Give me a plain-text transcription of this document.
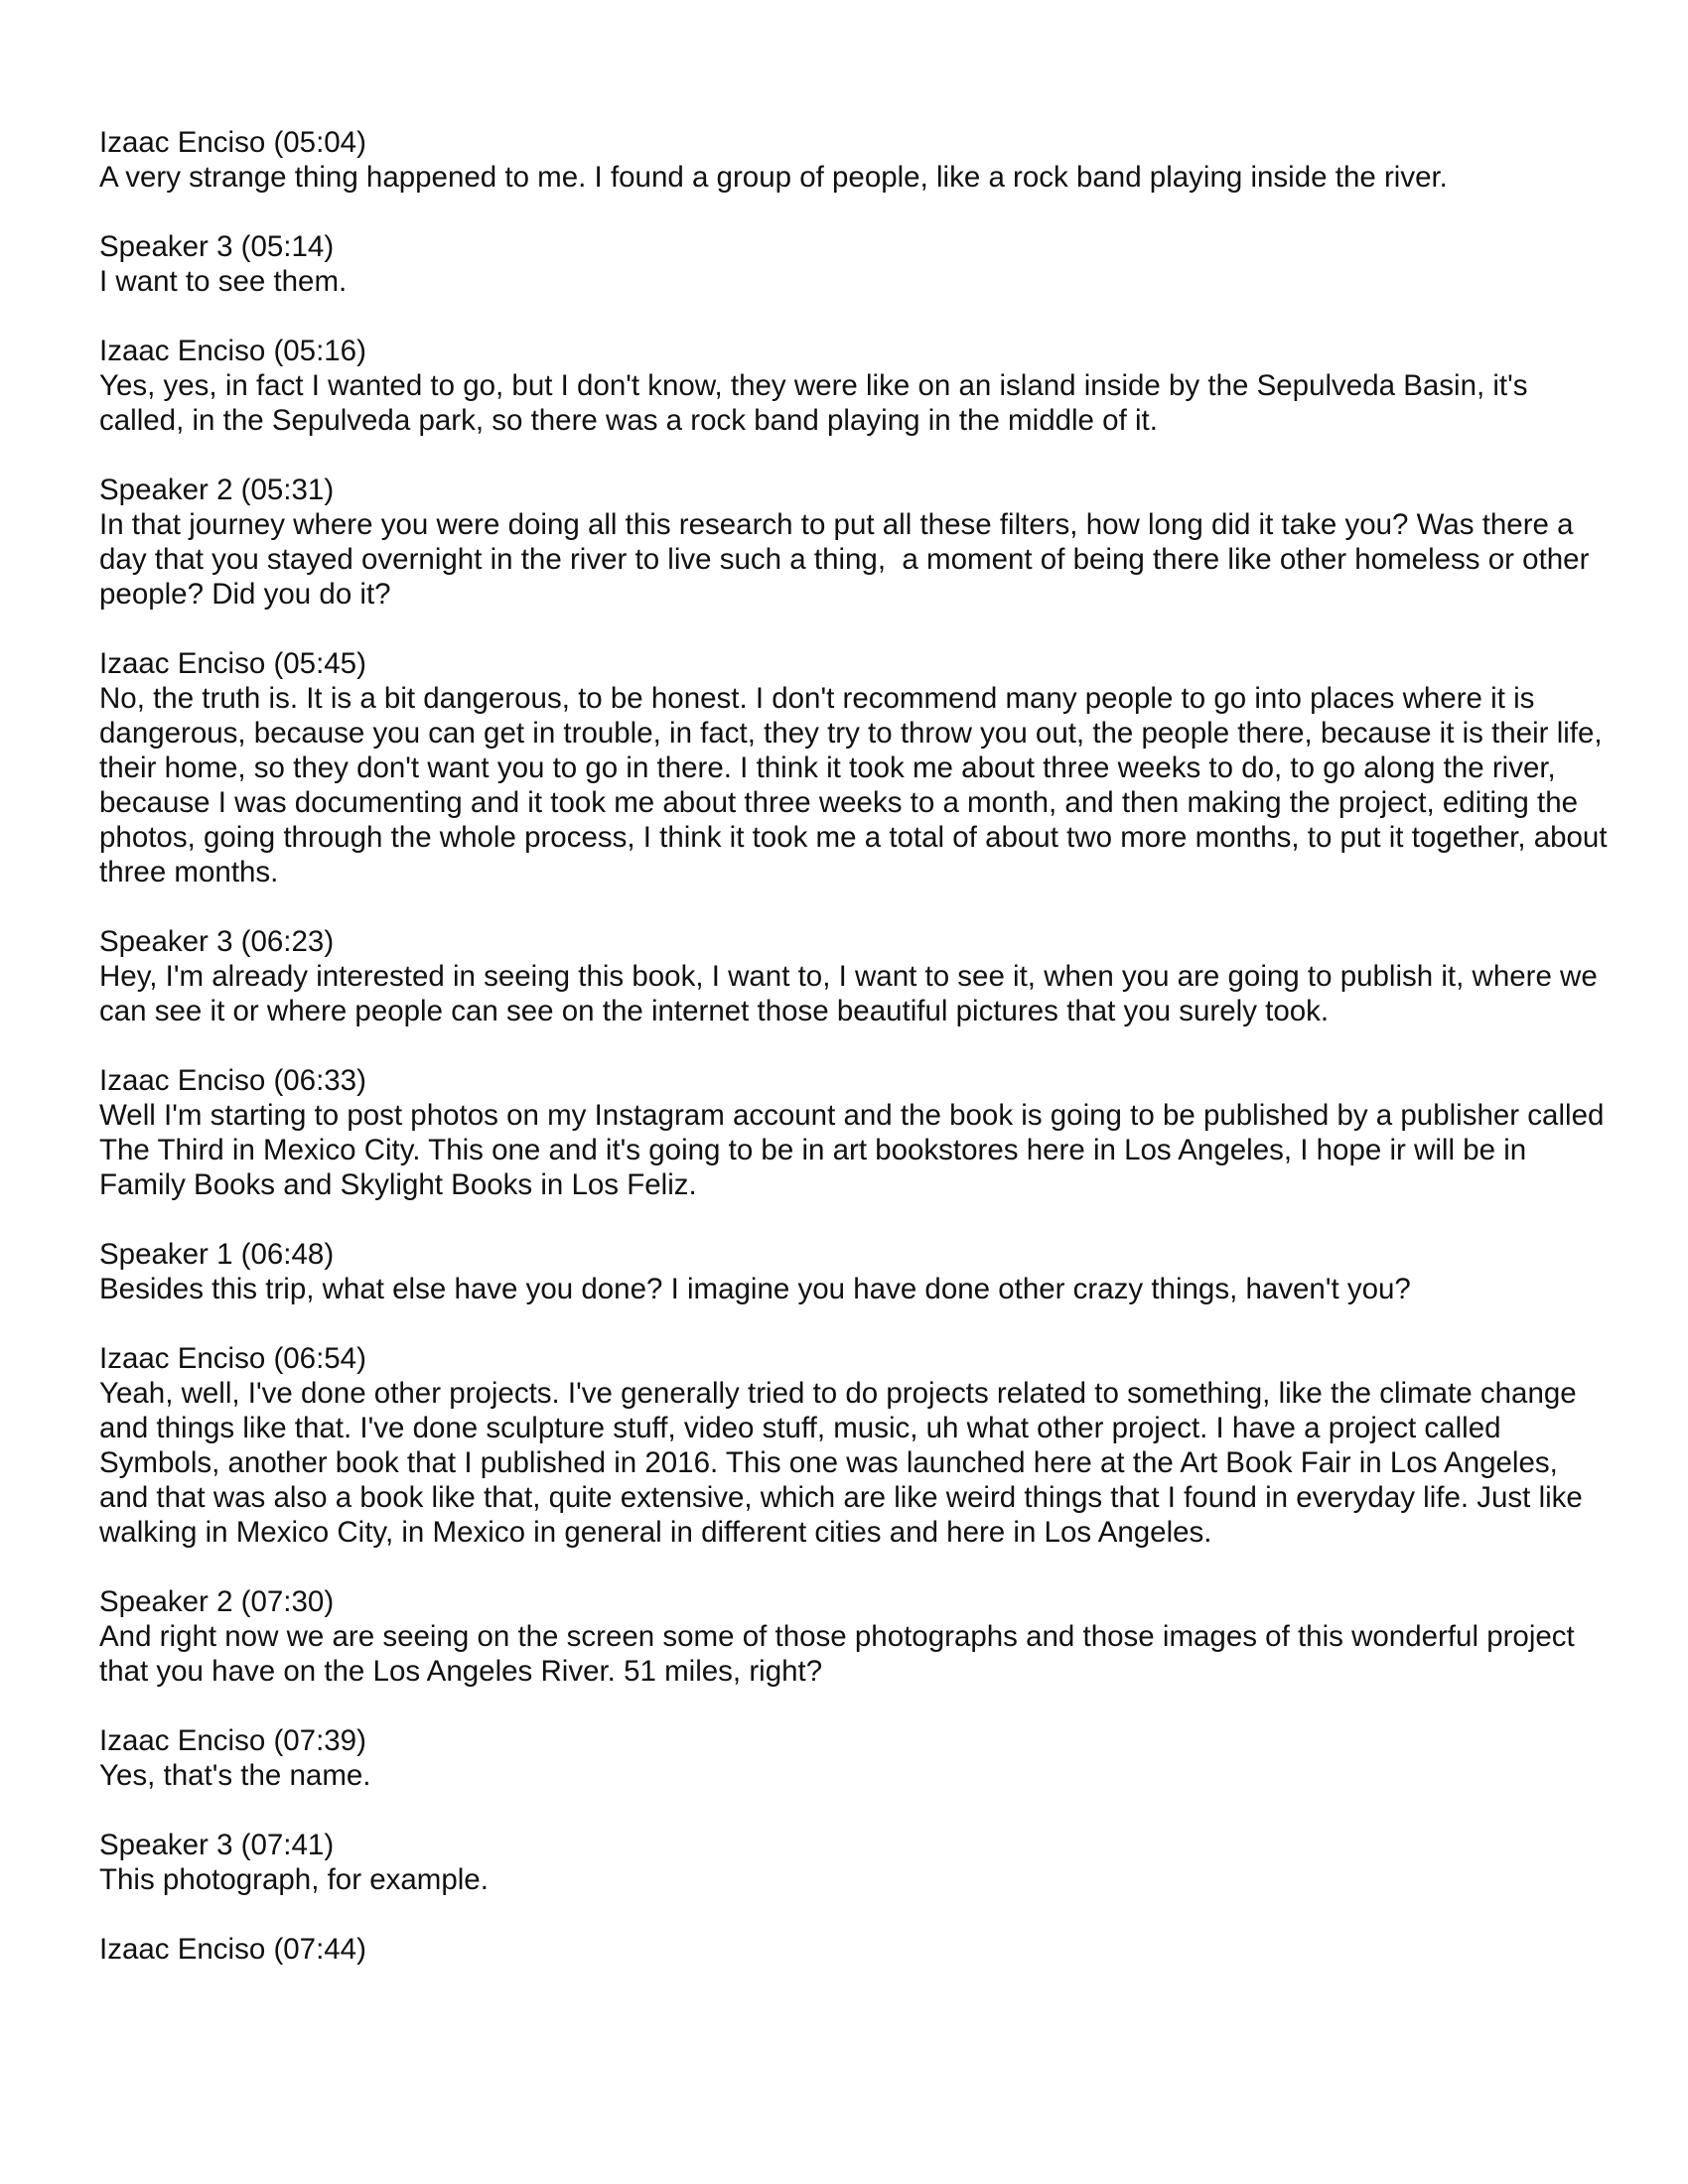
Izaac Enciso (05:04)
A very strange thing happened to me. I found a group of people, like a rock band playing inside the river.
Speaker 3 (05:14)
I want to see them.
Izaac Enciso (05:16)
Yes, yes, in fact I wanted to go, but I don't know, they were like on an island inside by the Sepulveda Basin, it's called, in the Sepulveda park, so there was a rock band playing in the middle of it.
Speaker 2 (05:31)
In that journey where you were doing all this research to put all these filters, how long did it take you? Was there a day that you stayed overnight in the river to live such a thing,  a moment of being there like other homeless or other people? Did you do it?
Izaac Enciso (05:45)
No, the truth is. It is a bit dangerous, to be honest. I don't recommend many people to go into places where it is dangerous, because you can get in trouble, in fact, they try to throw you out, the people there, because it is their life, their home, so they don't want you to go in there. I think it took me about three weeks to do, to go along the river, because I was documenting and it took me about three weeks to a month, and then making the project, editing the photos, going through the whole process, I think it took me a total of about two more months, to put it together, about three months.
Speaker 3 (06:23)
Hey, I'm already interested in seeing this book, I want to, I want to see it, when you are going to publish it, where we can see it or where people can see on the internet those beautiful pictures that you surely took.
Izaac Enciso (06:33)
Well I'm starting to post photos on my Instagram account and the book is going to be published by a publisher called The Third in Mexico City. This one and it's going to be in art bookstores here in Los Angeles, I hope ir will be in Family Books and Skylight Books in Los Feliz.
Speaker 1 (06:48)
Besides this trip, what else have you done? I imagine you have done other crazy things, haven't you?
Izaac Enciso (06:54)
Yeah, well, I've done other projects. I've generally tried to do projects related to something, like the climate change and things like that. I've done sculpture stuff, video stuff, music, uh what other project. I have a project called Symbols, another book that I published in 2016. This one was launched here at the Art Book Fair in Los Angeles, and that was also a book like that, quite extensive, which are like weird things that I found in everyday life. Just like walking in Mexico City, in Mexico in general in different cities and here in Los Angeles.
Speaker 2 (07:30)
And right now we are seeing on the screen some of those photographs and those images of this wonderful project that you have on the Los Angeles River. 51 miles, right?
Izaac Enciso (07:39)
Yes, that's the name.
Speaker 3 (07:41)
This photograph, for example.
Izaac Enciso (07:44)
